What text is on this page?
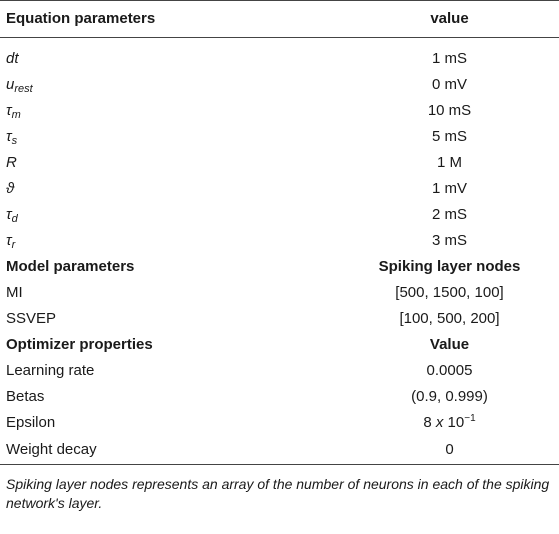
Equation parameters	value
dt	1 mS
$u_{rest}$	0 mV
$\tau_m$	10 mS
$\tau_s$	5 mS
R	1 M
ϑ	1 mV
$\tau_d$	2 mS
$\tau_r$	3 mS
Model parameters	Spiking layer nodes
MI	[500, 1500, 100]
SSVEP	[100, 500, 200]
Optimizer properties	Value
Learning rate	0.0005
Betas	(0.9, 0.999)
Epsilon	8 x $10^{-1}$
Weight decay	0
Spiking layer nodes represents an array of the number of neurons in each of the spiking network's layer.
